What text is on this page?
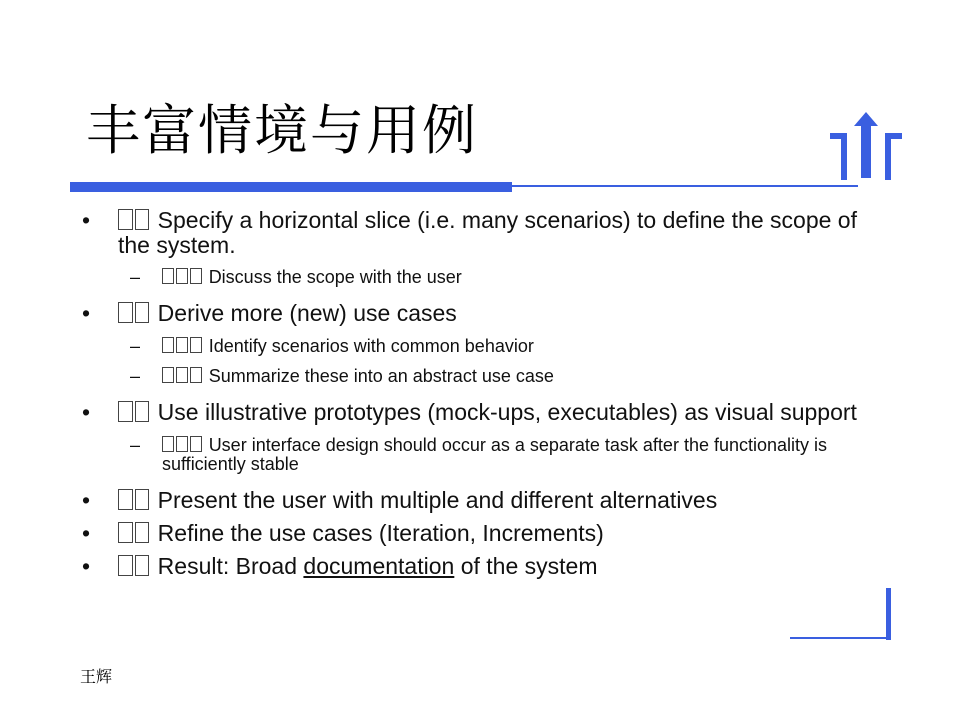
丰富情境与用例
•	Specify a horizontal slice (i.e. many scenarios) to define the scope of the system.
–	Discuss the scope with the user
•	Derive more (new) use cases
–	Identify scenarios with common behavior
–	Summarize these into an abstract use case
•	Use illustrative prototypes (mock-ups, executables) as visual support
–	User interface design should occur as a separate task after the functionality is sufficiently stable
•	Present the user with multiple and different alternatives
•	Refine the use cases (Iteration, Increments)
•	Result: Broad documentation of the system
王辉
